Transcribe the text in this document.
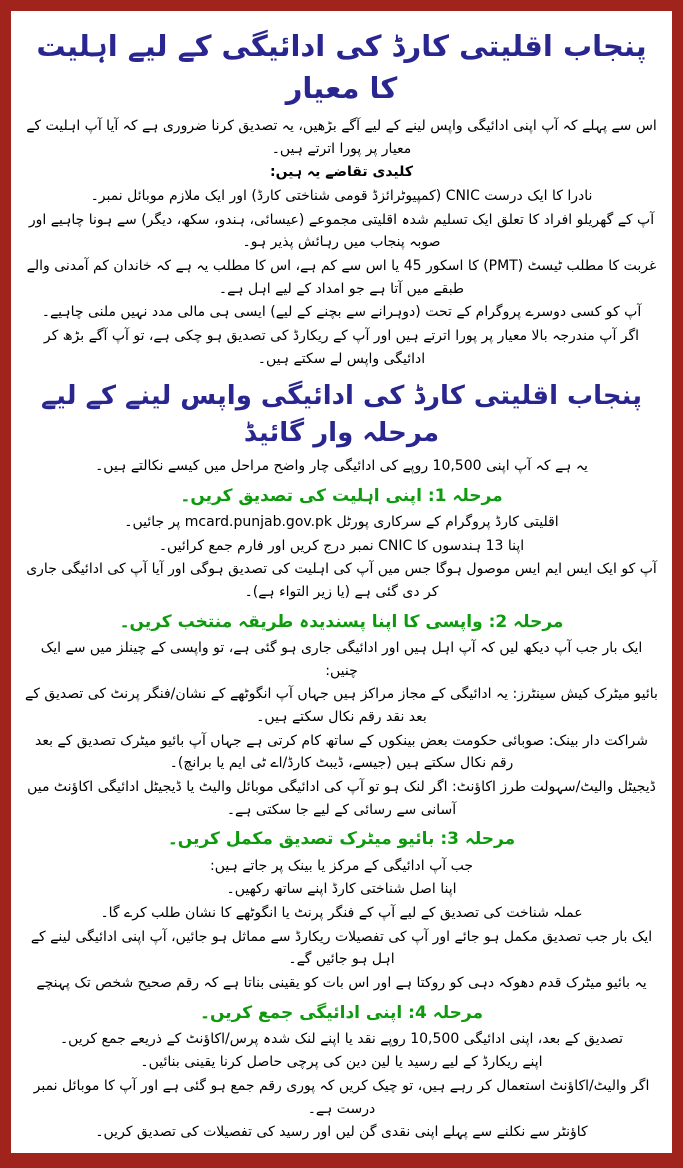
پنجاب اقلیتی کارڈ کی ادائیگی کے لیے اہلیت کا معیار

اس سے پہلے کہ آپ اپنی ادائیگی واپس لینے کے لیے آگے بڑھیں، یہ تصدیق کرنا ضروری ہے کہ آیا آپ اہلیت کے معیار پر پورا اترتے ہیں۔

کلیدی تقاضے یہ ہیں:

نادرا کا ایک درست CNIC (کمپیوٹرائزڈ قومی شناختی کارڈ) اور ایک ملازم موبائل نمبر۔

آپ کے گھریلو افراد کا تعلق ایک تسلیم شدہ اقلیتی مجموعے (عیسائی، ہندو، سکھ، دیگر) سے ہونا چاہیے اور صوبہ پنجاب میں رہائش پذیر ہو۔

غربت کا مطلب ٹیسٹ (PMT) کا اسکور 45 یا اس سے کم ہے، اس کا مطلب یہ ہے کہ خاندان کم آمدنی والے طبقے میں آتا ہے جو امداد کے لیے اہل ہے۔

آپ کو کسی دوسرے پروگرام کے تحت (دوہرانے سے بچنے کے لیے) ایسی ہی مالی مدد نہیں ملنی چاہیے۔

اگر آپ مندرجہ بالا معیار پر پورا اترتے ہیں اور آپ کے ریکارڈ کی تصدیق ہو چکی ہے، تو آپ آگے بڑھ کر ادائیگی واپس لے سکتے ہیں۔

پنجاب اقلیتی کارڈ کی ادائیگی واپس لینے کے لیے مرحلہ وار گائیڈ

یہ ہے کہ آپ اپنی 10,500 روپے کی ادائیگی چار واضح مراحل میں کیسے نکالتے ہیں۔

مرحلہ 1: اپنی اہلیت کی تصدیق کریں۔

اقلیتی کارڈ پروگرام کے سرکاری پورٹل mcard.punjab.gov.pk پر جائیں۔

اپنا 13 ہندسوں کا CNIC نمبر درج کریں اور فارم جمع کرائیں۔

آپ کو ایک ایس ایم ایس موصول ہوگا جس میں آپ کی اہلیت کی تصدیق ہوگی اور آیا آپ کی ادائیگی جاری کر دی گئی ہے (یا زیر التواء ہے)۔

مرحلہ 2: واپسی کا اپنا پسندیدہ طریقہ منتخب کریں۔

ایک بار جب آپ دیکھ لیں کہ آپ اہل ہیں اور ادائیگی جاری ہو گئی ہے، تو واپسی کے چینلز میں سے ایک چنیں:

بائیو میٹرک کیش سینٹرز: یہ ادائیگی کے مجاز مراکز ہیں جہاں آپ انگوٹھے کے نشان/فنگر پرنٹ کی تصدیق کے بعد نقد رقم نکال سکتے ہیں۔

شراکت دار بینک: صوبائی حکومت بعض بینکوں کے ساتھ کام کرتی ہے جہاں آپ بائیو میٹرک تصدیق کے بعد رقم نکال سکتے ہیں (جیسے، ڈیبٹ کارڈ/اے ٹی ایم یا برانچ)۔

ڈیجیٹل والیٹ/سہولت طرز اکاؤنٹ: اگر لنک ہو تو آپ کی ادائیگی موبائل والیٹ یا ڈیجیٹل ادائیگی اکاؤنٹ میں آسانی سے رسائی کے لیے جا سکتی ہے۔

مرحلہ 3: بائیو میٹرک تصدیق مکمل کریں۔

جب آپ ادائیگی کے مرکز یا بینک پر جاتے ہیں:

اپنا اصل شناختی کارڈ اپنے ساتھ رکھیں۔

عملہ شناخت کی تصدیق کے لیے آپ کے فنگر پرنٹ یا انگوٹھے کا نشان طلب کرے گا۔

ایک بار جب تصدیق مکمل ہو جائے اور آپ کی تفصیلات ریکارڈ سے مماثل ہو جائیں، آپ اپنی ادائیگی لینے کے اہل ہو جائیں گے۔

یہ بائیو میٹرک قدم دھوکہ دہی کو روکتا ہے اور اس بات کو یقینی بناتا ہے کہ رقم صحیح شخص تک پہنچے

مرحلہ 4: اپنی ادائیگی جمع کریں۔

تصدیق کے بعد، اپنی ادائیگی 10,500 روپے نقد یا اپنے لنک شدہ پرس/اکاؤنٹ کے ذریعے جمع کریں۔

اپنے ریکارڈ کے لیے رسید یا لین دین کی پرچی حاصل کرنا یقینی بنائیں۔

اگر والیٹ/اکاؤنٹ استعمال کر رہے ہیں، تو چیک کریں کہ پوری رقم جمع ہو گئی ہے اور آپ کا موبائل نمبر درست ہے۔

کاؤنٹر سے نکلنے سے پہلے اپنی نقدی گن لیں اور رسید کی تفصیلات کی تصدیق کریں۔
